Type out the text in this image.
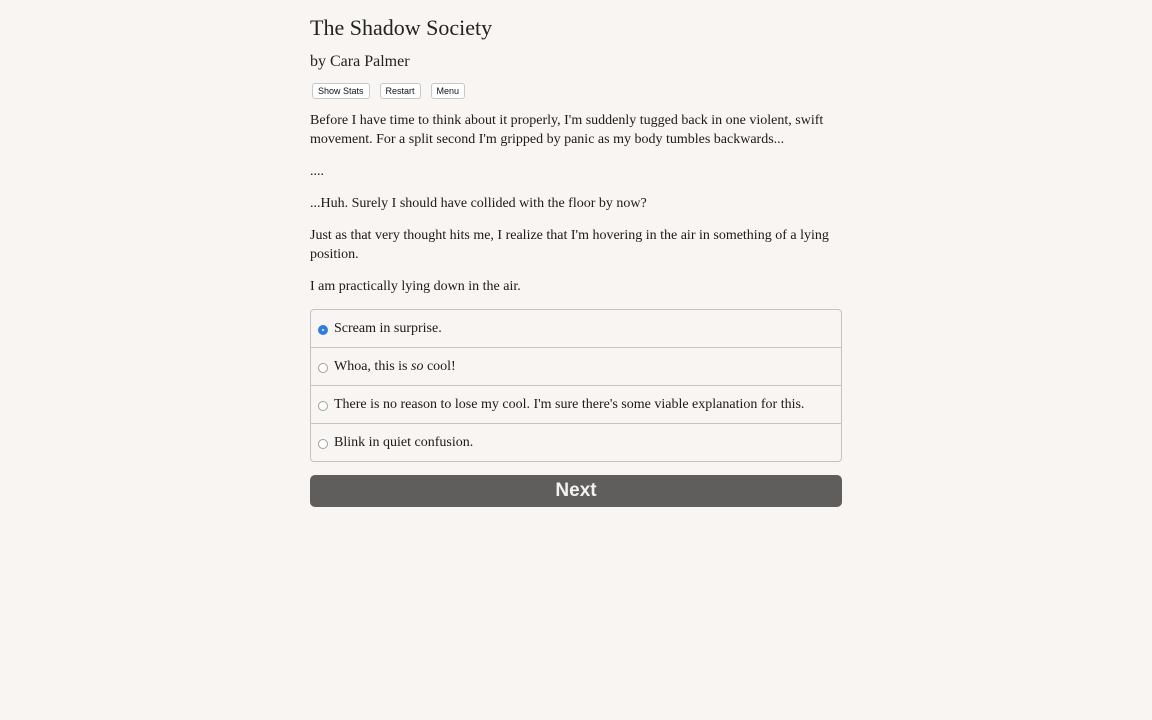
The Shadow Society
by Cara Palmer
Show Stats	Restart	Menu

Before I have time to think about it properly, I'm suddenly tugged back in one violent, swift movement. For a split second I'm gripped by panic as my body tumbles backwards...

....

...Huh. Surely I should have collided with the floor by now?

Just as that very thought hits me, I realize that I'm hovering in the air in something of a lying position.

I am practically lying down in the air.

Scream in surprise.
Whoa, this is so cool!
There is no reason to lose my cool. I'm sure there's some viable explanation for this.
Blink in quiet confusion.
Next
